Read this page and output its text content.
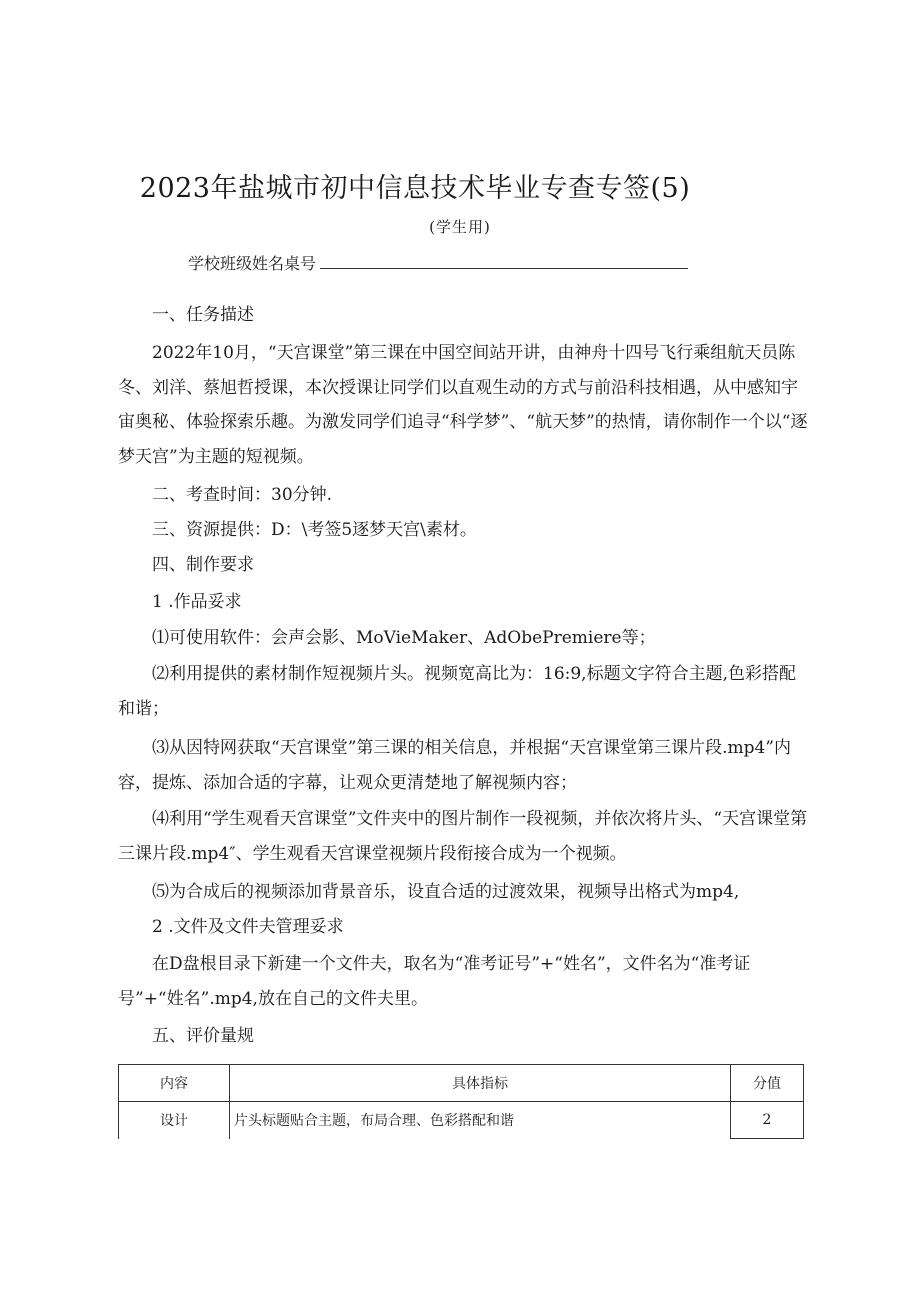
2023年盐城市初中信息技术毕业专查专签(5)
(学生用)
学校班级姓名桌号
一、任务描述
2022年10月，“天宫课堂”第三课在中国空间站开讲，由神舟十四号飞行乘组航天员陈冬、刘洋、蔡旭哲授课，本次授课让同学们以直观生动的方式与前沿科技相遇，从中感知宇宙奥秘、体验探索乐趣。为激发同学们追寻“科学梦”、“航天梦”的热情，请你制作一个以“逐梦天宫”为主题的短视频。
二、考查时间：30分钟.
三、资源提供：D：\考签5逐梦天宫\素材。
四、制作要求
1 .作品妥求
⑴可使用软件：会声会影、MoVieMaker、AdObePremiere等；
⑵利用提供的素材制作短视频片头。视频宽高比为：16:9,标题文字符合主题,色彩搭配和谐；
⑶从因特网获取“天宫课堂”第三课的相关信息，并根据“天宫课堂第三课片段.mp4”内容，提炼、添加合适的字幕，让观众更清楚地了解视频内容；
⑷利用“学生观看天宫课堂”文件夹中的图片制作一段视频，并依次将片头、“天宫课堂第三课片段.mp4″、学生观看天宫课堂视频片段衔接合成为一个视频。
⑸为合成后的视频添加背景音乐，设直合适的过渡效果，视频导出格式为mp4,
2 .文件及文件夫管理妥求
在D盘根目录下新建一个文件夫，取名为“准考证号”+“姓名”，文件名为“准考证号”+“姓名”.mp4,放在自己的文件夫里。
五、评价量规
内容	具体指标	分值
设计	片头标题贴合主题，布局合理、色彩搭配和谐	2
